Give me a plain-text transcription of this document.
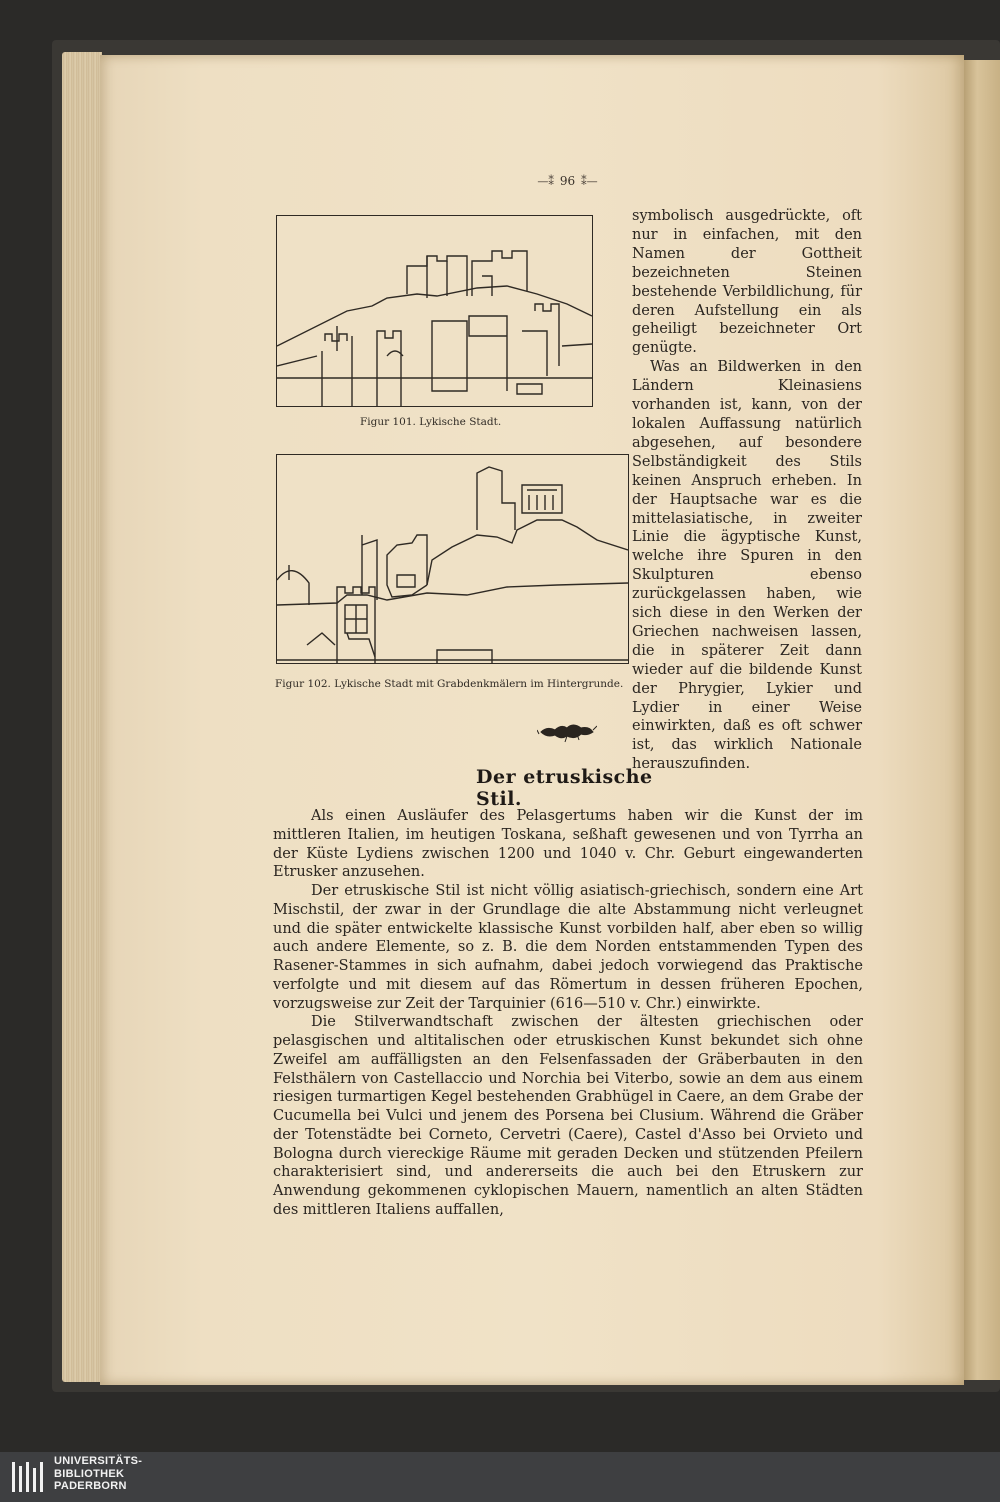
—⁑ 96 ⁑—
Figur 101. Lykische Stadt.
Figur 102. Lykische Stadt mit Grabdenkmälern im Hintergrunde.

symbolisch ausgedrückte, oft nur in einfachen, mit den Namen der Gottheit bezeichneten Steinen bestehende Verbildlichung, für deren Aufstellung ein als geheiligt bezeichneter Ort genügte.

Was an Bildwerken in den Ländern Kleinasiens vorhanden ist, kann, von der lokalen Auffassung natürlich abgesehen, auf besondere Selbständigkeit des Stils keinen Anspruch erheben. In der Hauptsache war es die mittelasiatische, in zweiter Linie die ägyptische Kunst, welche ihre Spuren in den Skulpturen ebenso zurückgelassen haben, wie sich diese in den Werken der Griechen nachweisen lassen, die in späterer Zeit dann wieder auf die bildende Kunst der Phrygier, Lykier und Lydier in einer Weise einwirkten, daß es oft schwer ist, das wirklich Nationale herauszufinden.

Der etruskische Stil.

Als einen Ausläufer des Pelasgertums haben wir die Kunst der im mittleren Italien, im heutigen Toskana, seßhaft gewesenen und von Tyrrha an der Küste Lydiens zwischen 1200 und 1040 v. Chr. Geburt eingewanderten Etrusker anzusehen.

Der etruskische Stil ist nicht völlig asiatisch-griechisch, sondern eine Art Mischstil, der zwar in der Grundlage die alte Abstammung nicht verleugnet und die später entwickelte klassische Kunst vorbilden half, aber eben so willig auch andere Elemente, so z. B. die dem Norden entstammenden Typen des Rasener-Stammes in sich aufnahm, dabei jedoch vorwiegend das Praktische verfolgte und mit diesem auf das Römertum in dessen früheren Epochen, vorzugsweise zur Zeit der Tarquinier (616—510 v. Chr.) einwirkte.

Die Stilverwandtschaft zwischen der ältesten griechischen oder pelasgischen und altitalischen oder etruskischen Kunst bekundet sich ohne Zweifel am auffälligsten an den Felsenfassaden der Gräberbauten in den Felsthälern von Castellaccio und Norchia bei Viterbo, sowie an dem aus einem riesigen turmartigen Kegel bestehenden Grabhügel in Caere, an dem Grabe der Cucumella bei Vulci und jenem des Porsena bei Clusium. Während die Gräber der Totenstädte bei Corneto, Cervetri (Caere), Castel d'Asso bei Orvieto und Bologna durch viereckige Räume mit geraden Decken und stützenden Pfeilern charakterisiert sind, und andererseits die auch bei den Etruskern zur Anwendung gekommenen cyklopischen Mauern, namentlich an alten Städten des mittleren Italiens auffallen,

UNIVERSITÄTS-
BIBLIOTHEK
PADERBORN
